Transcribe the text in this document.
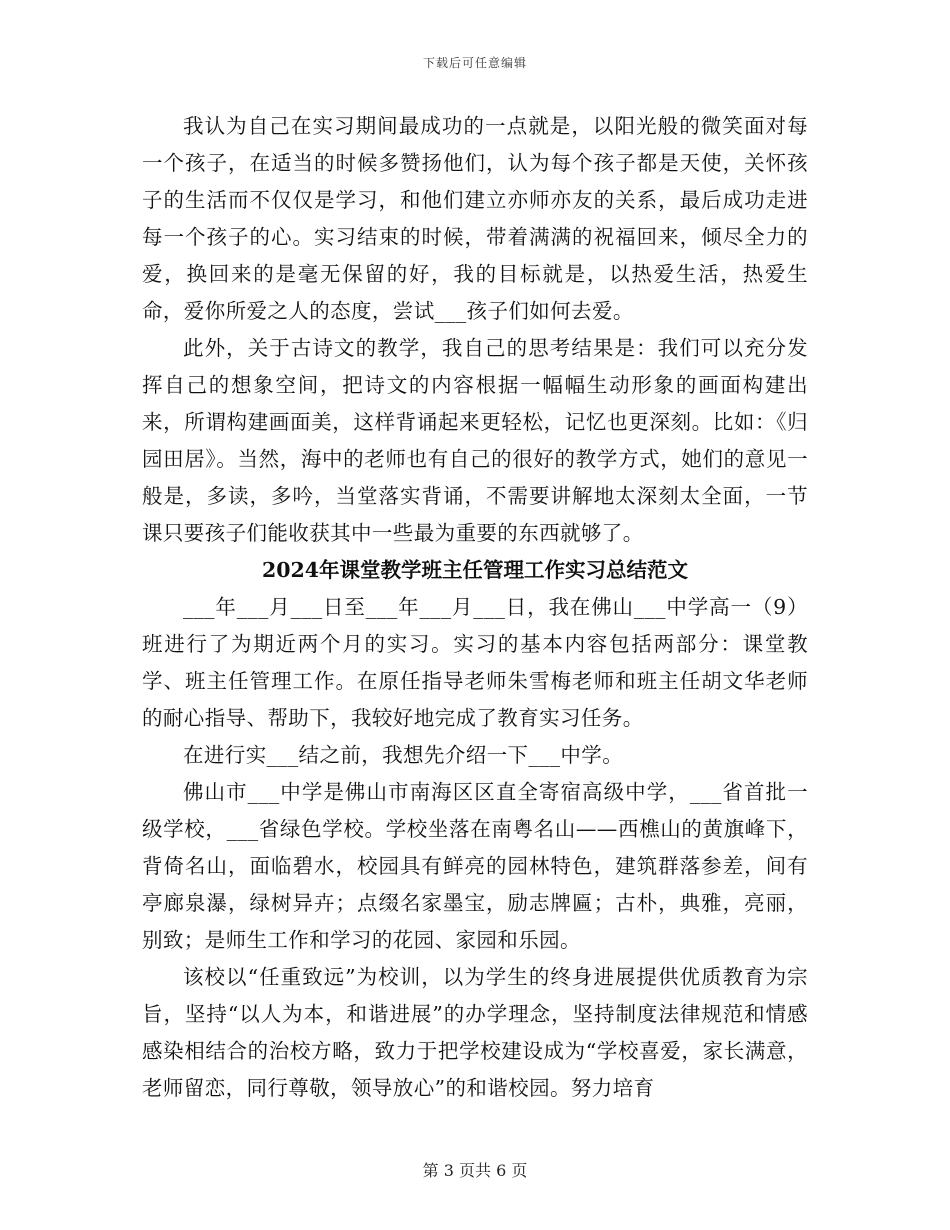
下载后可任意编辑

我认为自己在实习期间最成功的一点就是，以阳光般的微笑面对每一个孩子，在适当的时候多赞扬他们，认为每个孩子都是天使，关怀孩子的生活而不仅仅是学习，和他们建立亦师亦友的关系，最后成功走进每一个孩子的心。实习结束的时候，带着满满的祝福回来，倾尽全力的爱，换回来的是毫无保留的好，我的目标就是，以热爱生活，热爱生命，爱你所爱之人的态度，尝试___孩子们如何去爱。

此外，关于古诗文的教学，我自己的思考结果是：我们可以充分发挥自己的想象空间，把诗文的内容根据一幅幅生动形象的画面构建出来，所谓构建画面美，这样背诵起来更轻松，记忆也更深刻。比如：《归园田居》。当然，海中的老师也有自己的很好的教学方式，她们的意见一般是，多读，多吟，当堂落实背诵，不需要讲解地太深刻太全面，一节课只要孩子们能收获其中一些最为重要的东西就够了。

2024年课堂教学班主任管理工作实习总结范文

___年___月___日至___年___月___日，我在佛山___中学高一（9）班进行了为期近两个月的实习。实习的基本内容包括两部分：课堂教学、班主任管理工作。在原任指导老师朱雪梅老师和班主任胡文华老师的耐心指导、帮助下，我较好地完成了教育实习任务。

在进行实___结之前，我想先介绍一下___中学。

佛山市___中学是佛山市南海区区直全寄宿高级中学，___省首批一级学校，___省绿色学校。学校坐落在南粤名山——西樵山的黄旗峰下，背倚名山，面临碧水，校园具有鲜亮的园林特色，建筑群落参差，间有亭廊泉瀑，绿树异卉；点缀名家墨宝，励志牌匾；古朴，典雅，亮丽，别致；是师生工作和学习的花园、家园和乐园。

该校以“任重致远”为校训，以为学生的终身进展提供优质教育为宗旨，坚持“以人为本，和谐进展”的办学理念，坚持制度法律规范和情感感染相结合的治校方略，致力于把学校建设成为“学校喜爱，家长满意，老师留恋，同行尊敬，领导放心”的和谐校园。努力培育

第 3 页共 6 页
